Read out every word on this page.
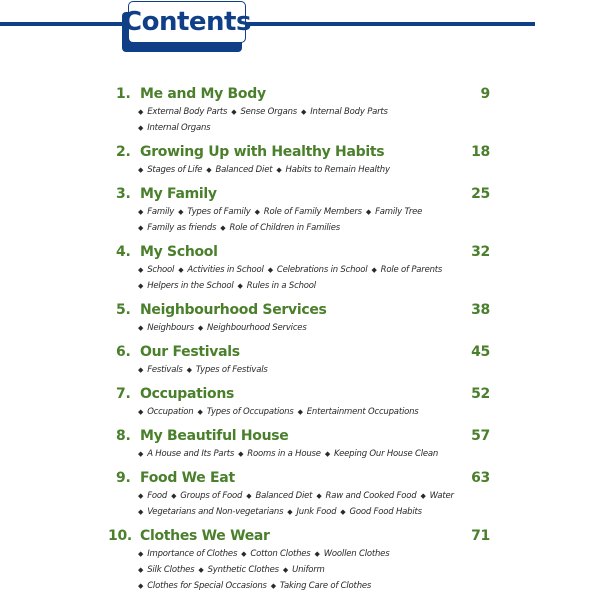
Contents
1. Me and My Body	9
◆ External Body Parts ◆ Sense Organs ◆ Internal Body Parts
◆ Internal Organs
2. Growing Up with Healthy Habits	18
◆ Stages of Life ◆ Balanced Diet ◆ Habits to Remain Healthy
3. My Family	25
◆ Family ◆ Types of Family ◆ Role of Family Members ◆ Family Tree
◆ Family as friends ◆ Role of Children in Families
4. My School	32
◆ School ◆ Activities in School ◆ Celebrations in School ◆ Role of Parents
◆ Helpers in the School ◆ Rules in a School
5. Neighbourhood Services	38
◆ Neighbours ◆ Neighbourhood Services
6. Our Festivals	45
◆ Festivals ◆ Types of Festivals
7. Occupations	52
◆ Occupation ◆ Types of Occupations ◆ Entertainment Occupations
8. My Beautiful House	57
◆ A House and Its Parts ◆ Rooms in a House ◆ Keeping Our House Clean
9. Food We Eat	63
◆ Food ◆ Groups of Food ◆ Balanced Diet ◆ Raw and Cooked Food ◆ Water
◆ Vegetarians and Non-vegetarians ◆ Junk Food ◆ Good Food Habits
10. Clothes We Wear	71
◆ Importance of Clothes ◆ Cotton Clothes ◆ Woollen Clothes
◆ Silk Clothes ◆ Synthetic Clothes ◆ Uniform
◆ Clothes for Special Occasions ◆ Taking Care of Clothes
